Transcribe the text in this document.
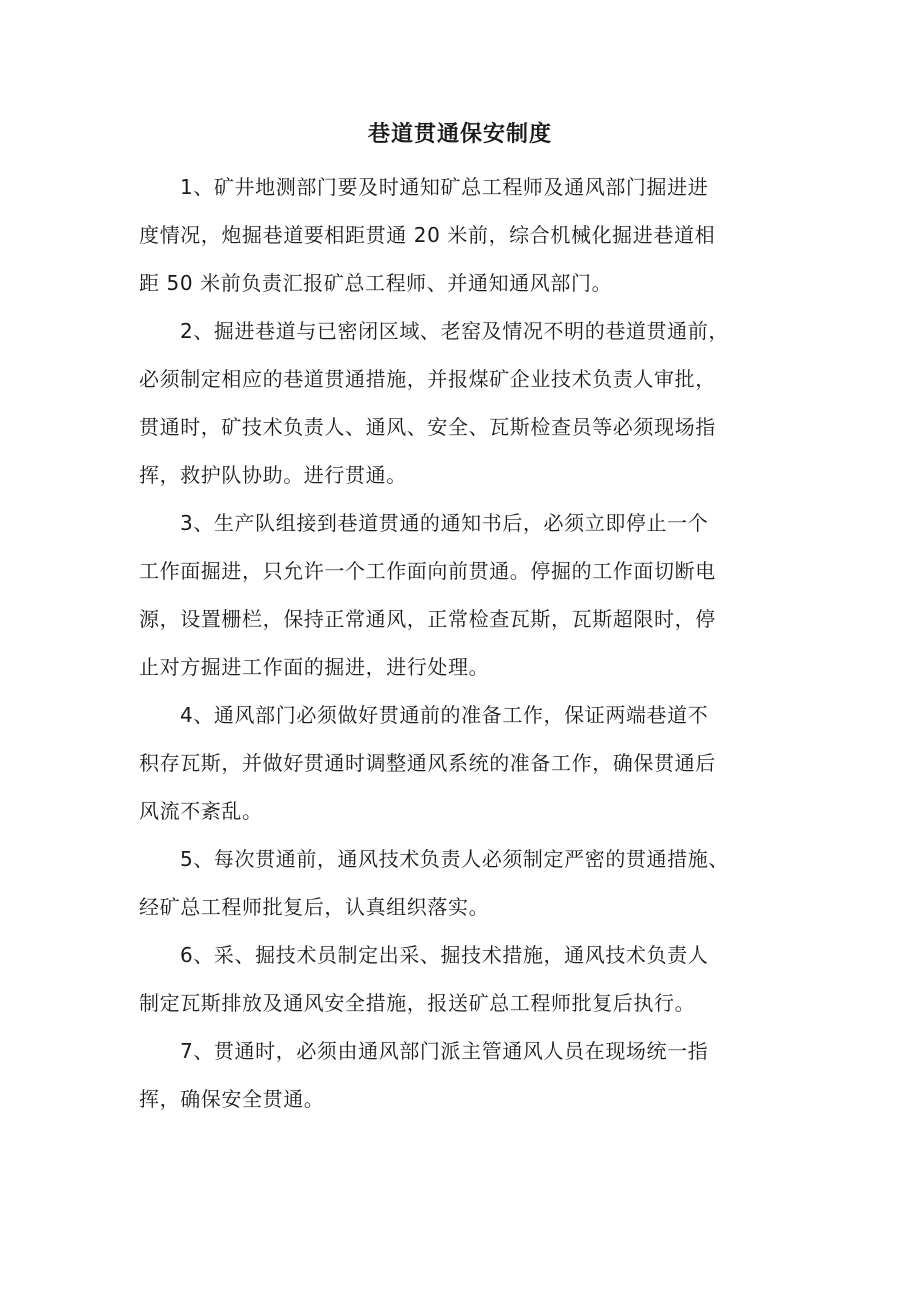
巷道贯通保安制度
1、矿井地测部门要及时通知矿总工程师及通风部门掘进进
度情况，炮掘巷道要相距贯通 20 米前，综合机械化掘进巷道相
距 50 米前负责汇报矿总工程师、并通知通风部门。
2、掘进巷道与已密闭区域、老窑及情况不明的巷道贯通前，
必须制定相应的巷道贯通措施，并报煤矿企业技术负责人审批，
贯通时，矿技术负责人、通风、安全、瓦斯检查员等必须现场指
挥，救护队协助。进行贯通。
3、生产队组接到巷道贯通的通知书后，必须立即停止一个
工作面掘进，只允许一个工作面向前贯通。停掘的工作面切断电
源，设置栅栏，保持正常通风，正常检查瓦斯，瓦斯超限时，停
止对方掘进工作面的掘进，进行处理。
4、通风部门必须做好贯通前的准备工作，保证两端巷道不
积存瓦斯，并做好贯通时调整通风系统的准备工作，确保贯通后
风流不紊乱。
5、每次贯通前，通风技术负责人必须制定严密的贯通措施、
经矿总工程师批复后，认真组织落实。
6、采、掘技术员制定出采、掘技术措施，通风技术负责人
制定瓦斯排放及通风安全措施，报送矿总工程师批复后执行。
7、贯通时，必须由通风部门派主管通风人员在现场统一指
挥，确保安全贯通。
